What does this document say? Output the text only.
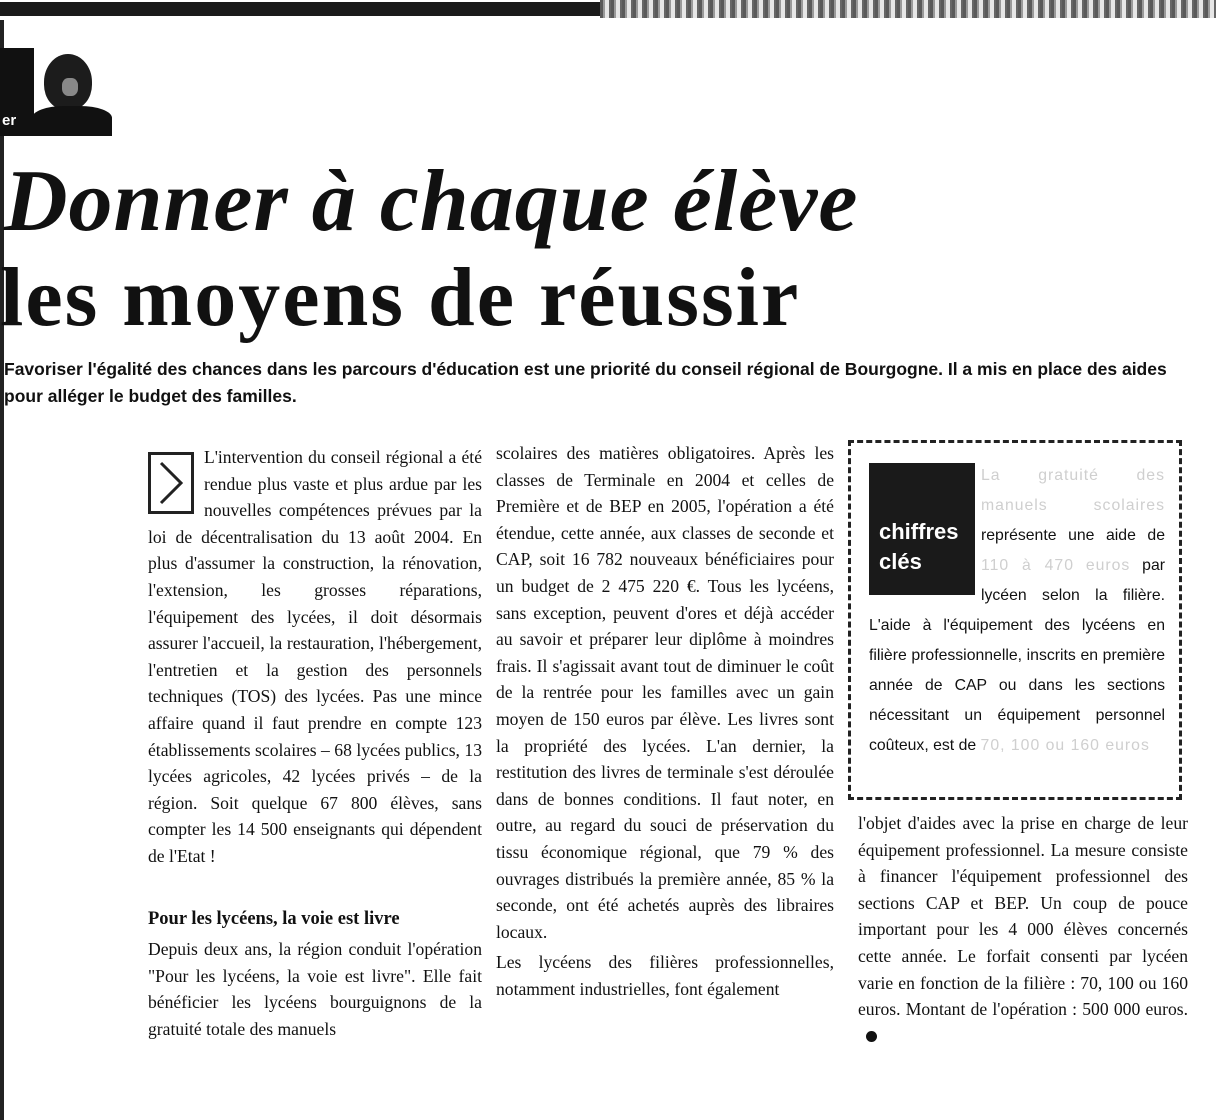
er
Donner à chaque élève
les moyens de réussir

Favoriser l'égalité des chances dans les parcours d'éducation est une priorité du conseil régional de Bourgogne. Il a mis en place des aides pour alléger le budget des familles.

L'intervention du conseil régional a été rendue plus vaste et plus ardue par les nouvelles compétences prévues par la loi de décentralisation du 13 août 2004. En plus d'assumer la construction, la rénovation, l'extension, les grosses réparations, l'équipement des lycées, il doit désormais assurer l'accueil, la restauration, l'hébergement, l'entretien et la gestion des personnels techniques (TOS) des lycées. Pas une mince affaire quand il faut prendre en compte 123 établissements scolaires – 68 lycées publics, 13 lycées agricoles, 42 lycées privés – de la région. Soit quelque 67 800 élèves, sans compter les 14 500 enseignants qui dépendent de l'Etat !

Pour les lycéens, la voie est livre

Depuis deux ans, la région conduit l'opération "Pour les lycéens, la voie est livre". Elle fait bénéficier les lycéens bourguignons de la gratuité totale des manuels

scolaires des matières obligatoires. Après les classes de Terminale en 2004 et celles de Première et de BEP en 2005, l'opération a été étendue, cette année, aux classes de seconde et CAP, soit 16 782 nouveaux bénéficiaires pour un budget de 2 475 220 €. Tous les lycéens, sans exception, peuvent d'ores et déjà accéder au savoir et préparer leur diplôme à moindres frais. Il s'agissait avant tout de diminuer le coût de la rentrée pour les familles avec un gain moyen de 150 euros par élève. Les livres sont la propriété des lycées. L'an dernier, la restitution des livres de terminale s'est déroulée dans de bonnes conditions. Il faut noter, en outre, au regard du souci de préservation du tissu économique régional, que 79 % des ouvrages distribués la première année, 85 % la seconde, ont été achetés auprès des libraires locaux.

Les lycéens des filières professionnelles, notamment industrielles, font également

chiffres
clés

La gratuité des manuels scolaires représente une aide de 110 à 470 euros par lycéen selon la filière. L'aide à l'équipement des lycéens en filière professionnelle, inscrits en première année de CAP ou dans les sections nécessitant un équipement personnel coûteux, est de 70, 100 ou 160 euros

l'objet d'aides avec la prise en charge de leur équipement professionnel. La mesure consiste à financer l'équipement professionnel des sections CAP et BEP. Un coup de pouce important pour les 4 000 élèves concernés cette année. Le forfait consenti par lycéen varie en fonction de la filière : 70, 100 ou 160 euros. Montant de l'opération : 500 000 euros.
